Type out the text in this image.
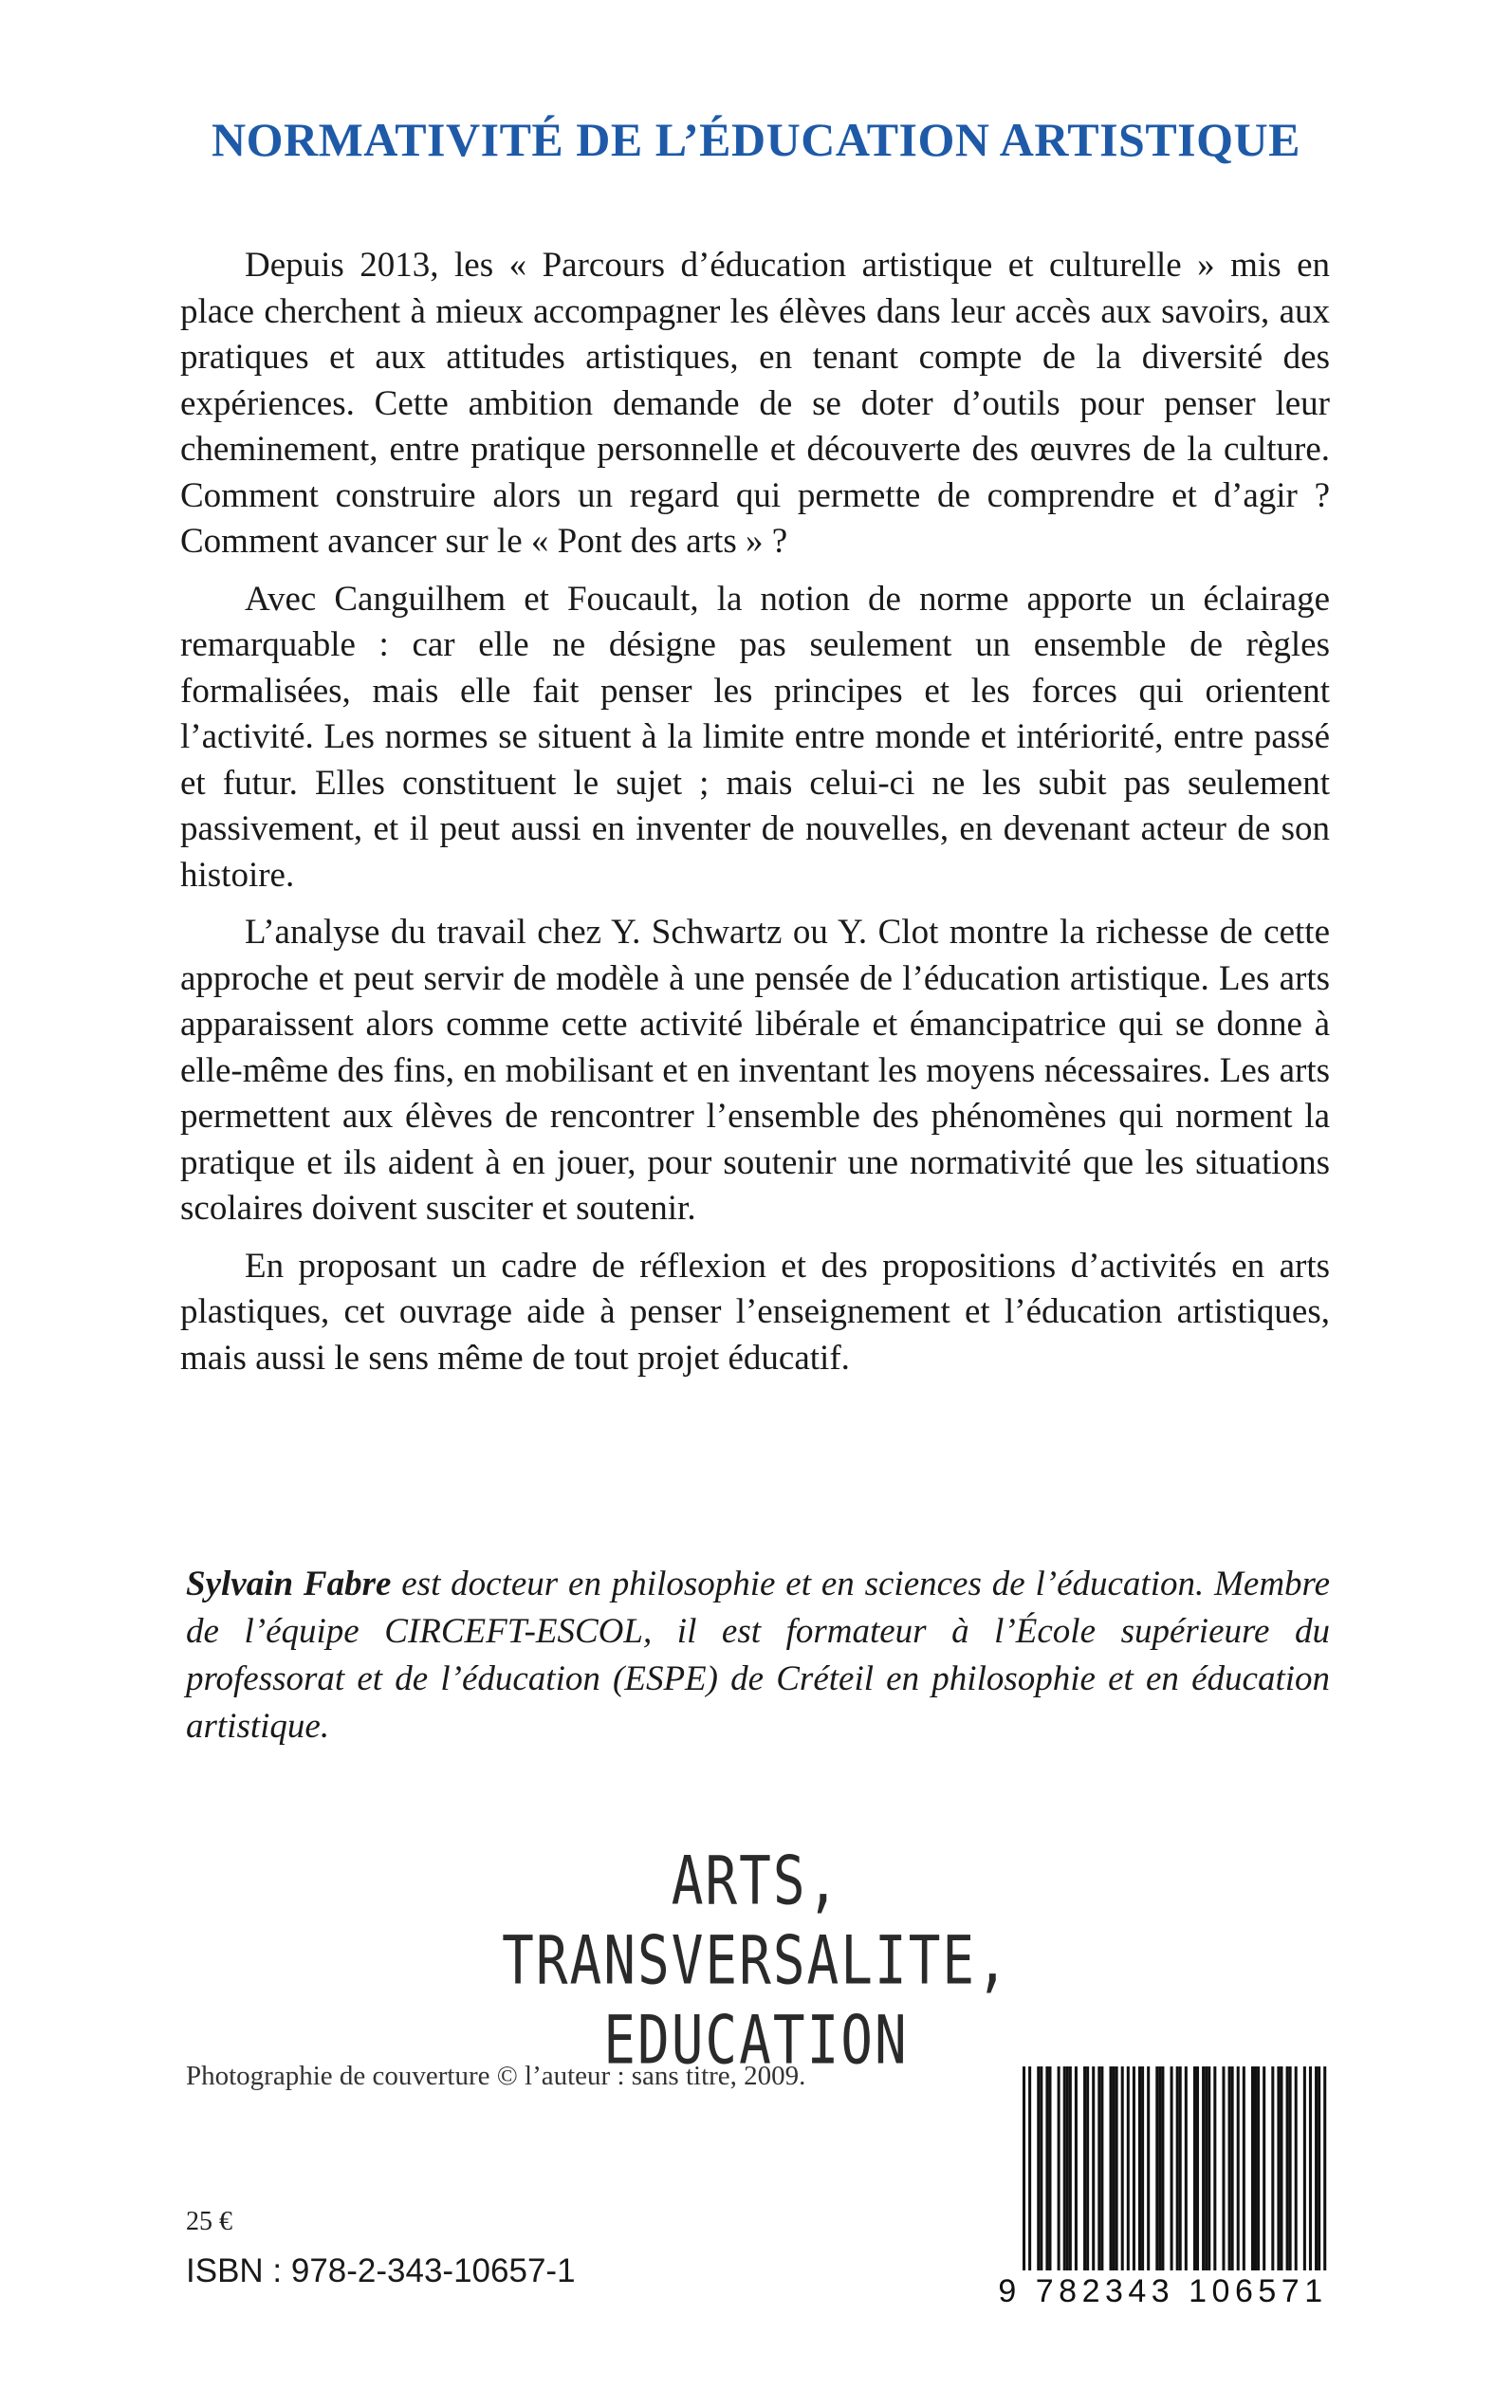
NORMATIVITÉ DE L’ÉDUCATION ARTISTIQUE

Depuis 2013, les « Parcours d’éducation artistique et culturelle » mis en place cherchent à mieux accompagner les élèves dans leur accès aux savoirs, aux pratiques et aux attitudes artistiques, en tenant compte de la diversité des expériences. Cette ambition demande de se doter d’outils pour penser leur cheminement, entre pratique personnelle et découverte des œuvres de la culture. Comment construire alors un regard qui permette de comprendre et d’agir ? Comment avancer sur le « Pont des arts » ?

Avec Canguilhem et Foucault, la notion de norme apporte un éclairage remarquable : car elle ne désigne pas seulement un ensemble de règles formalisées, mais elle fait penser les principes et les forces qui orientent l’activité. Les normes se situent à la limite entre monde et intériorité, entre passé et futur. Elles constituent le sujet ; mais celui-ci ne les subit pas seulement passivement, et il peut aussi en inventer de nouvelles, en devenant acteur de son histoire.

L’analyse du travail chez Y. Schwartz ou Y. Clot montre la richesse de cette approche et peut servir de modèle à une pensée de l’éducation artistique. Les arts apparaissent alors comme cette activité libérale et émancipatrice qui se donne à elle-même des fins, en mobilisant et en inventant les moyens nécessaires. Les arts permettent aux élèves de rencontrer l’ensemble des phénomènes qui norment la pratique et ils aident à en jouer, pour soutenir une normativité que les situations scolaires doivent susciter et soutenir.

En proposant un cadre de réflexion et des propositions d’activités en arts plastiques, cet ouvrage aide à penser l’enseignement et l’éducation artistiques, mais aussi le sens même de tout projet éducatif.

Sylvain Fabre est docteur en philosophie et en sciences de l’éducation. Membre de l’équipe CIRCEFT-ESCOL, il est formateur à l’École supérieure du professorat et de l’éducation (ESPE) de Créteil en philosophie et en éducation artistique.

ARTS,
TRANSVERSALITE,
EDUCATION

Photographie de couverture © l’auteur : sans titre, 2009.

25 €

ISBN : 978-2-343-10657-1

9 782343 106571
